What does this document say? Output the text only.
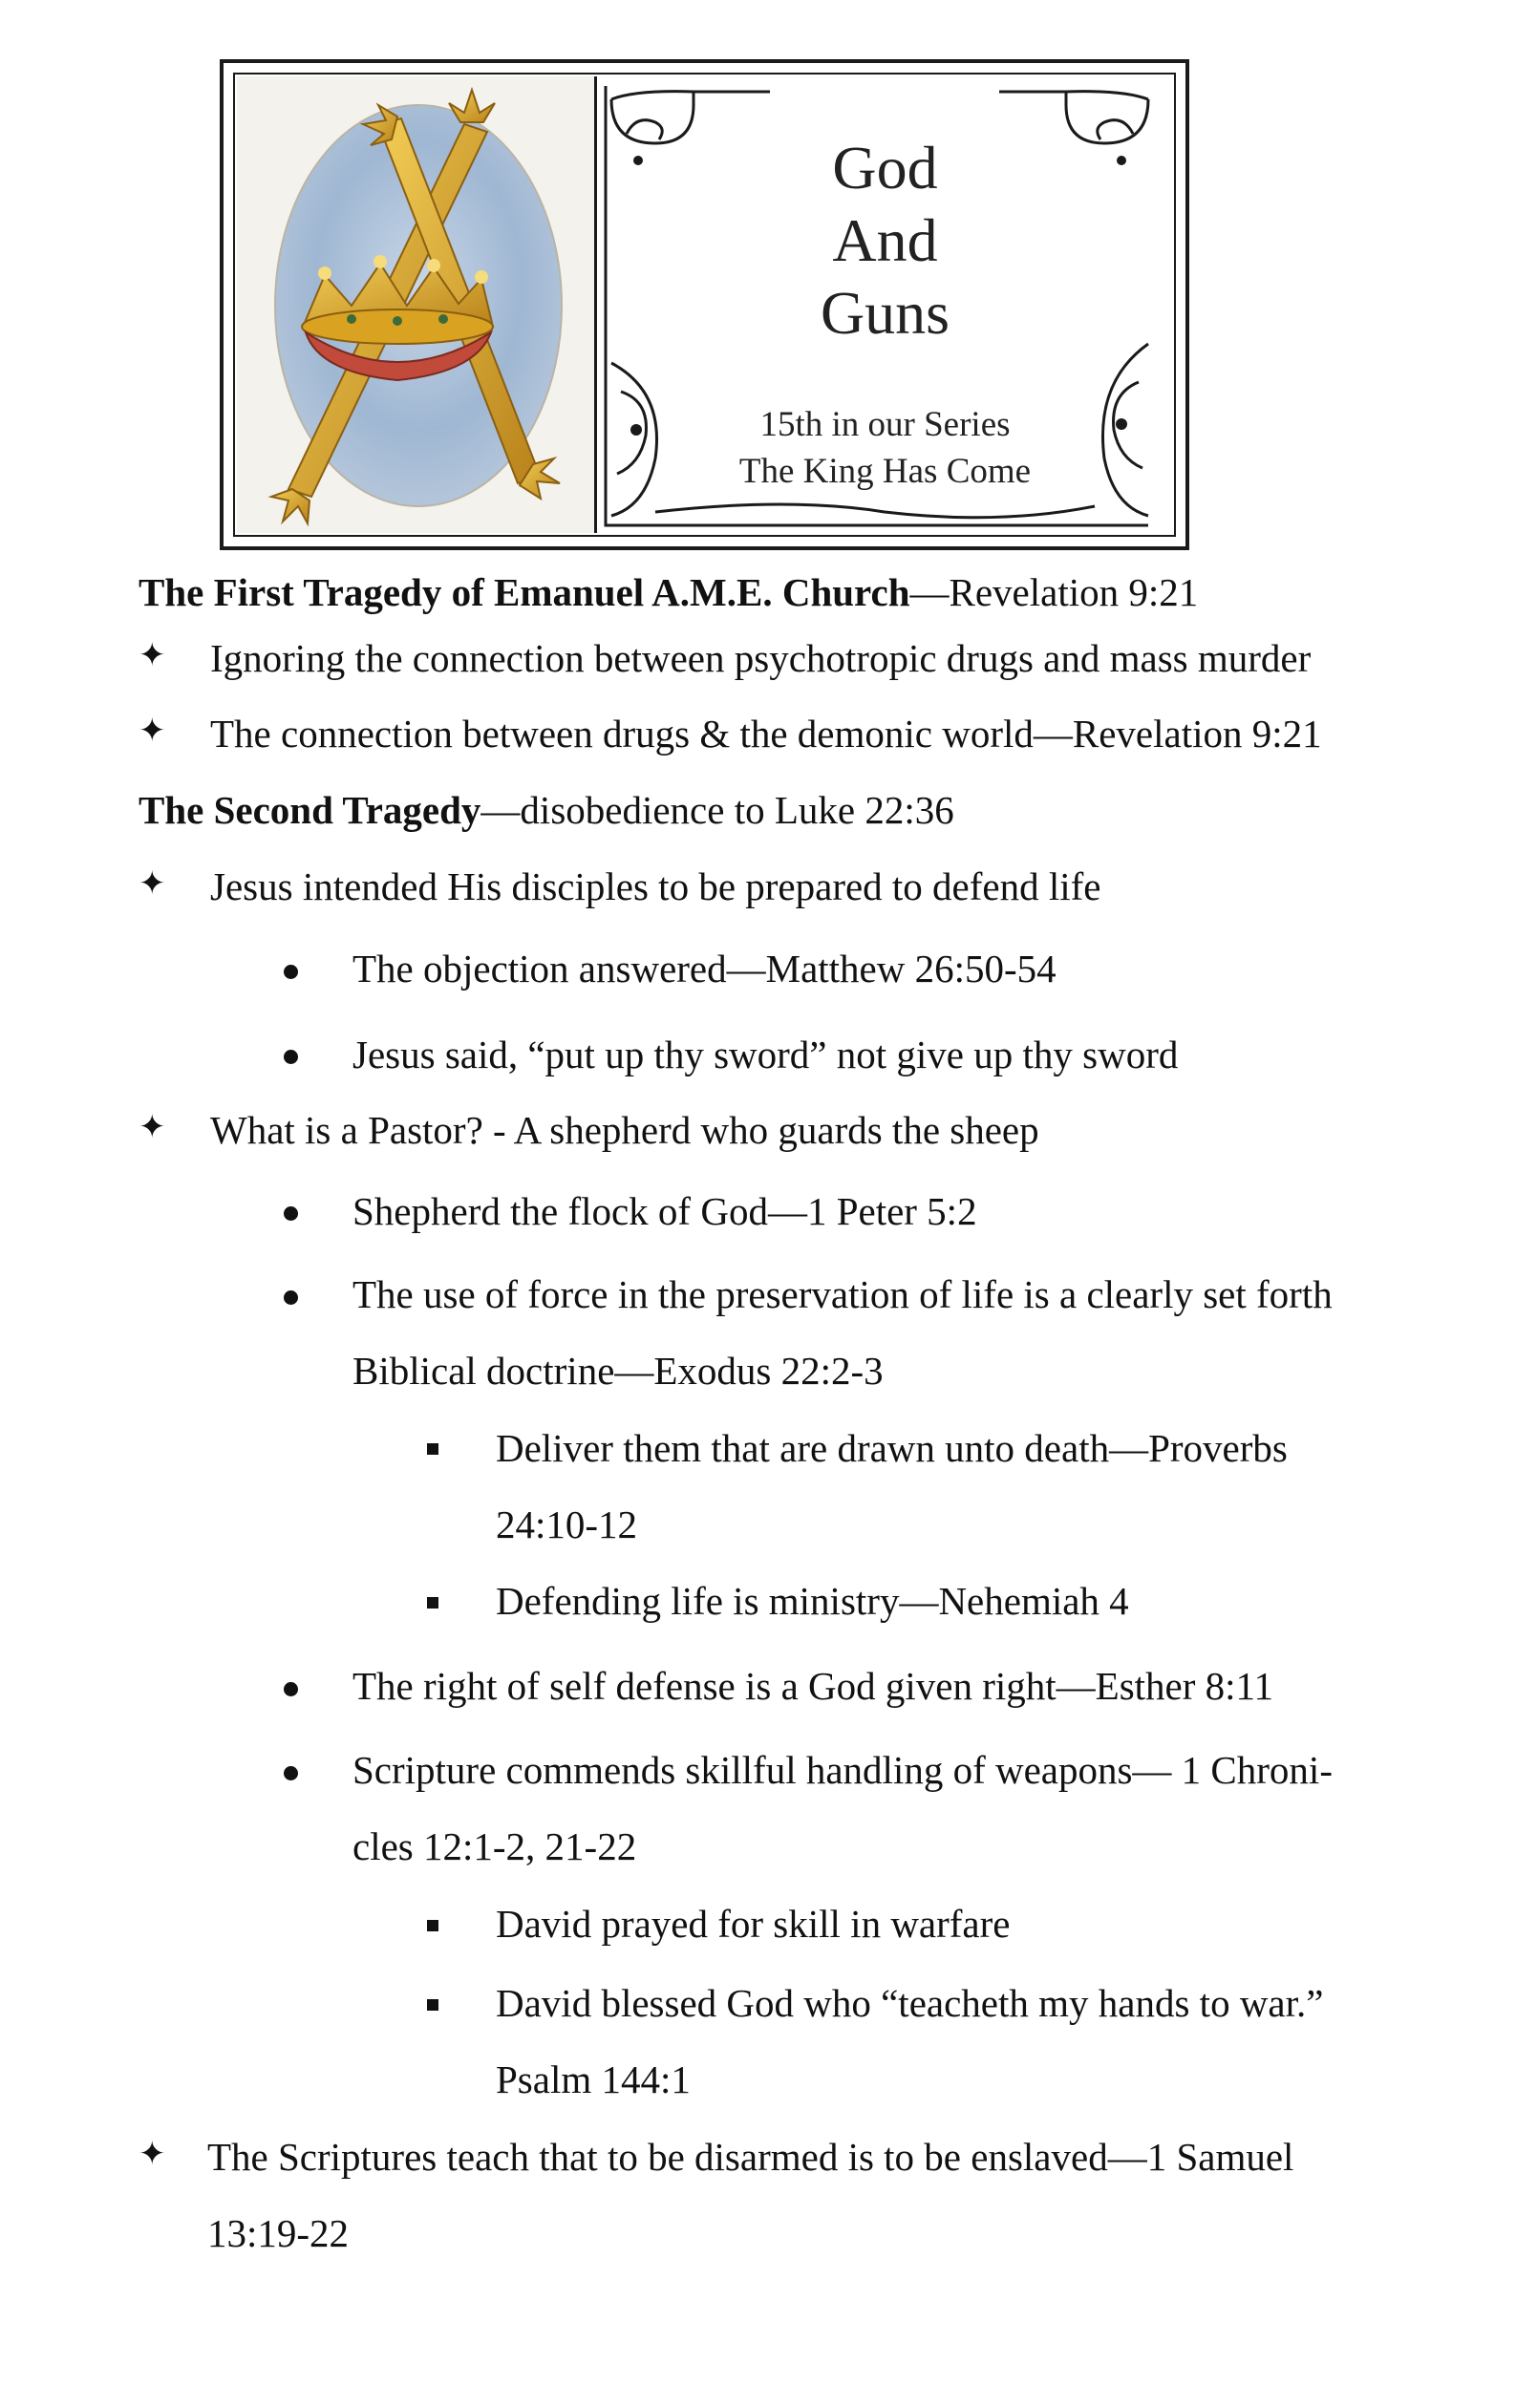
God
And
Guns
15th in our Series
The King Has Come
The First Tragedy of Emanuel A.M.E. Church—Revelation 9:21
✦ Ignoring the connection between psychotropic drugs and mass murder
✦ The connection between drugs & the demonic world—Revelation 9:21
The Second Tragedy—disobedience to Luke 22:36
✦ Jesus intended His disciples to be prepared to defend life
The objection answered—Matthew 26:50-54
Jesus said, “put up thy sword” not give up thy sword
✦ What is a Pastor? - A shepherd who guards the sheep
Shepherd the flock of God—1 Peter 5:2
The use of force in the preservation of life is a clearly set forth
Biblical doctrine—Exodus 22:2-3
Deliver them that are drawn unto death—Proverbs
24:10-12
Defending life is ministry—Nehemiah 4
The right of self defense is a God given right—Esther 8:11
Scripture commends skillful handling of weapons— 1 Chroni-
cles 12:1-2, 21-22
David prayed for skill in warfare
David blessed God who “teacheth my hands to war.”
Psalm 144:1
✦ The Scriptures teach that to be disarmed is to be enslaved—1 Samuel
13:19-22
